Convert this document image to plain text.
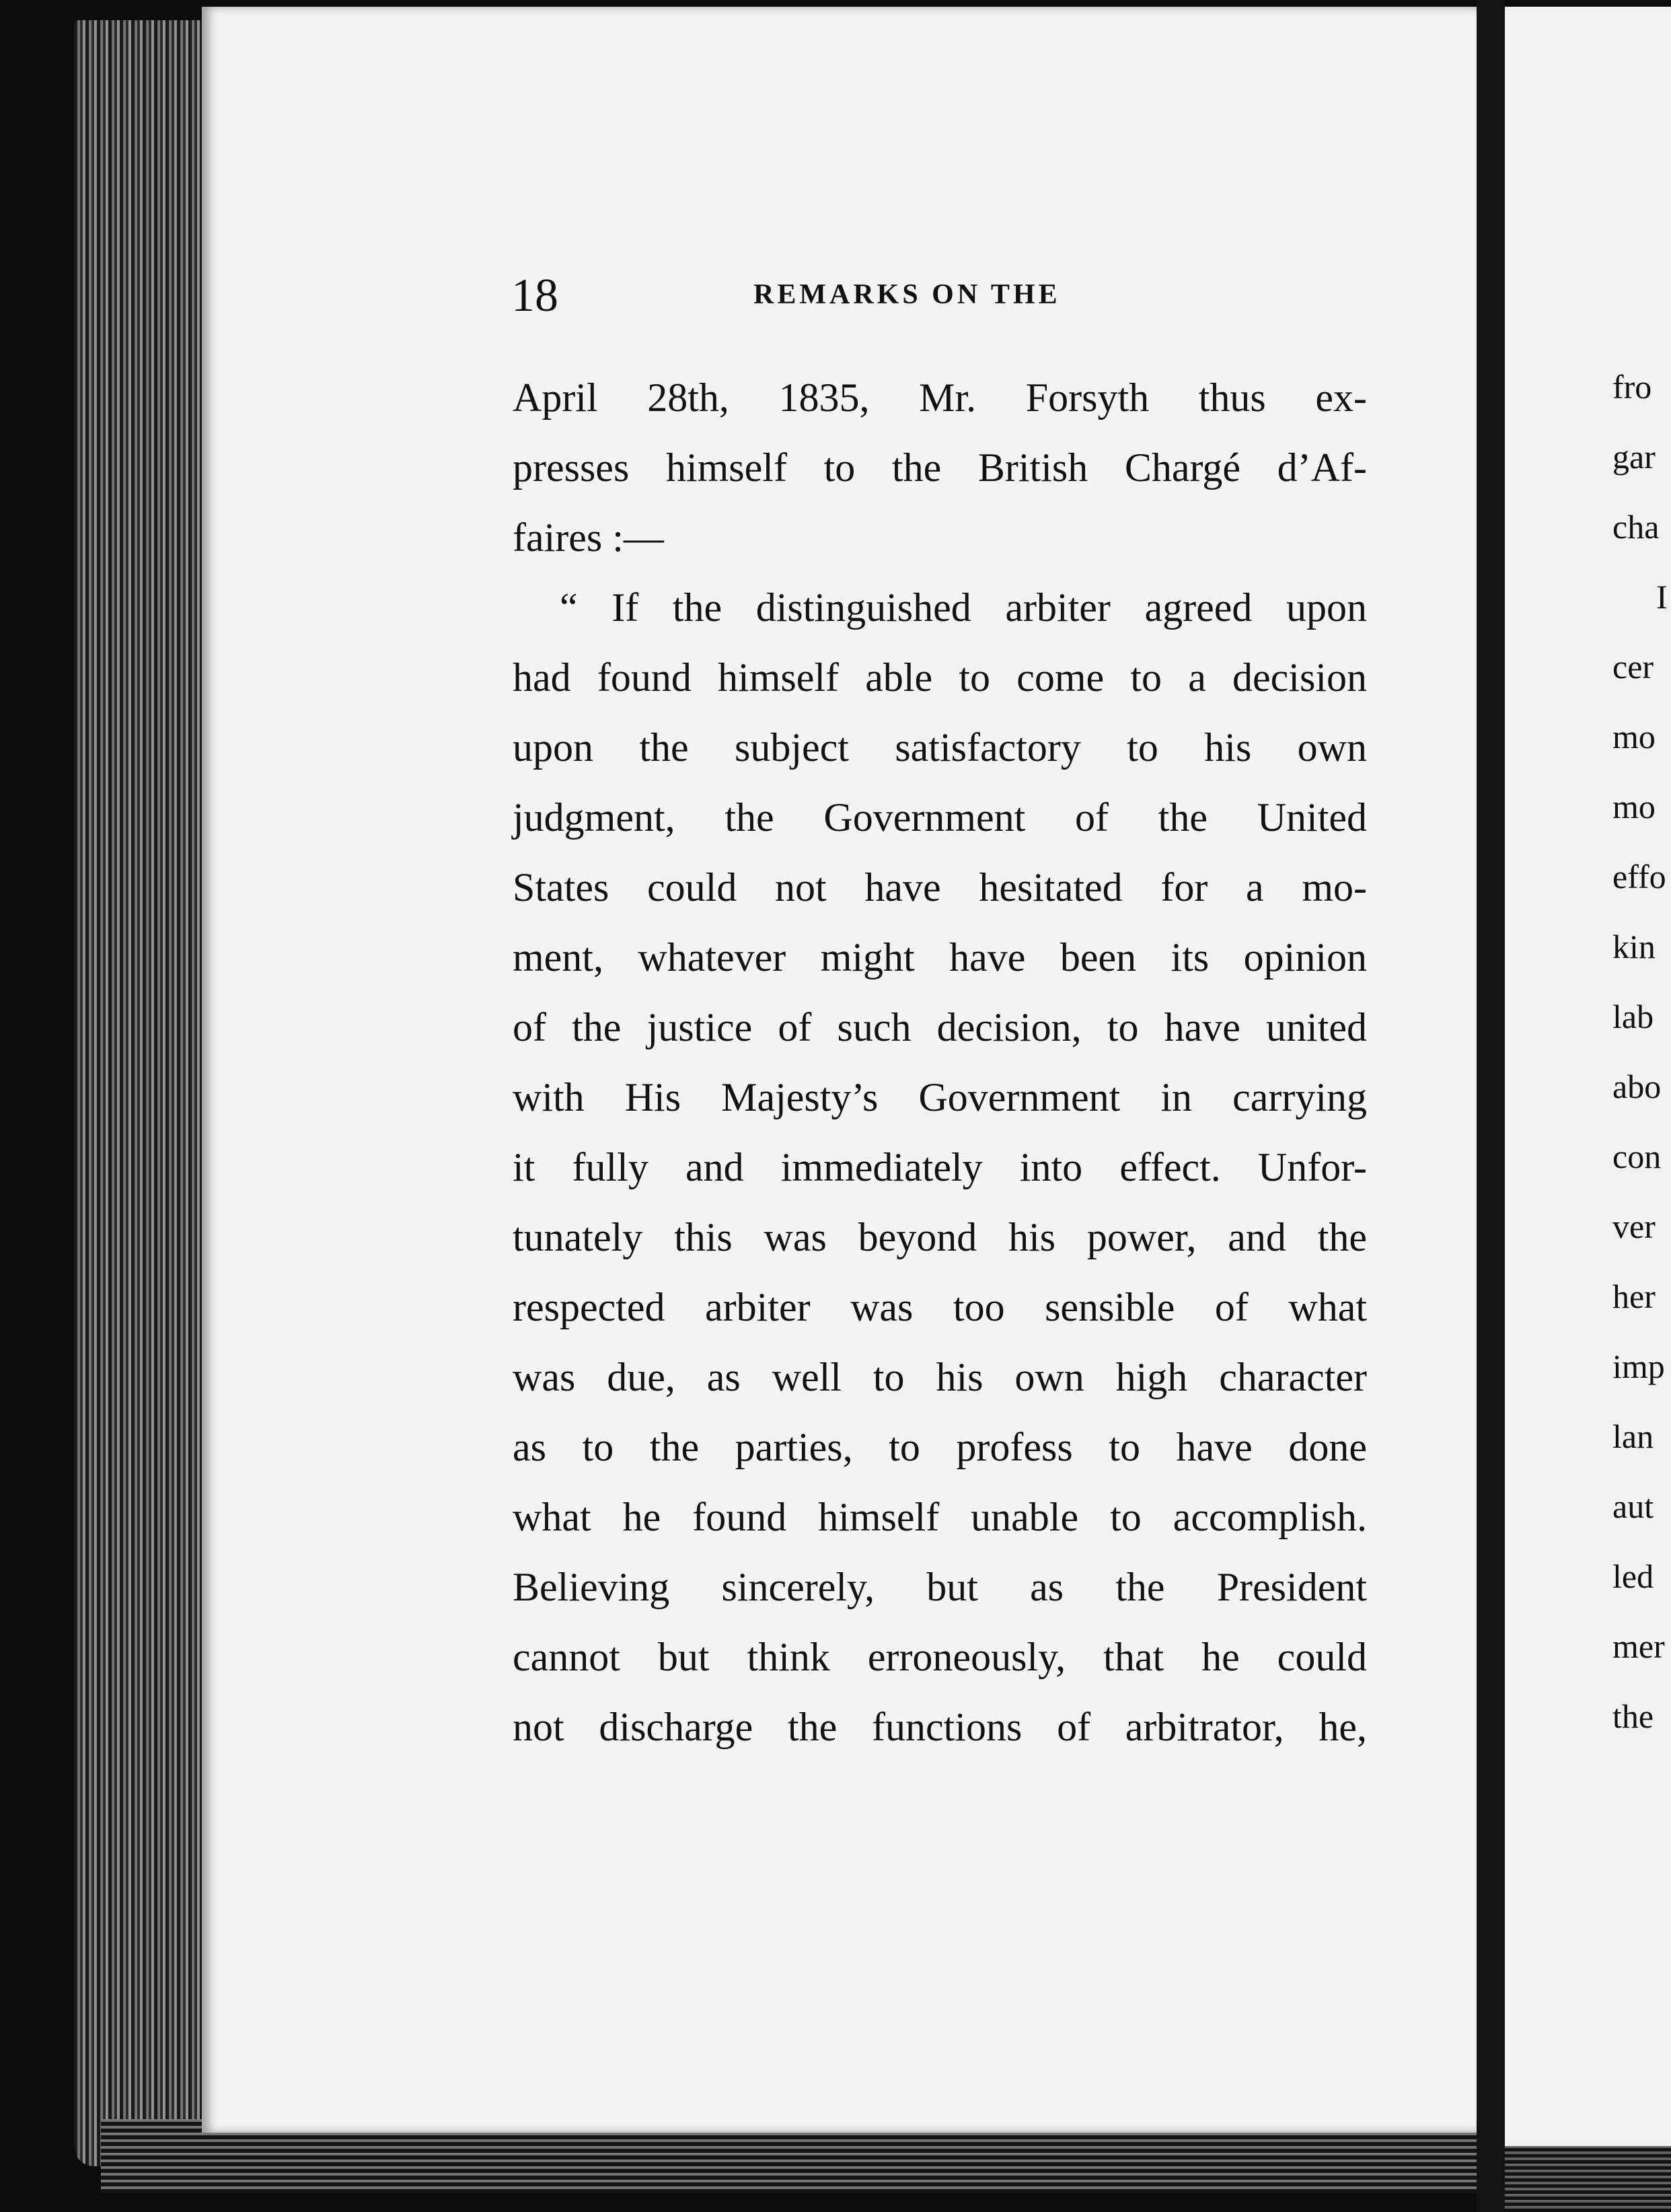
18	REMARKS ON THE
April 28th, 1835, Mr. Forsyth thus ex-
presses himself to the British Chargé d’Af-
faires :—
“ If the distinguished arbiter agreed upon
had found himself able to come to a decision
upon the subject satisfactory to his own
judgment, the Government of the United
States could not have hesitated for a mo-
ment, whatever might have been its opinion
of the justice of such decision, to have united
with His Majesty’s Government in carrying
it fully and immediately into effect. Unfor-
tunately this was beyond his power, and the
respected arbiter was too sensible of what
was due, as well to his own high character
as to the parties, to profess to have done
what he found himself unable to accomplish.
Believing sincerely, but as the President
cannot but think erroneously, that he could
not discharge the functions of arbitrator, he,
fro
gar
cha
I
cer
mo
mo
effo
kin
lab
abo
con
ver
her
imp
lan
aut
led
mer
the
